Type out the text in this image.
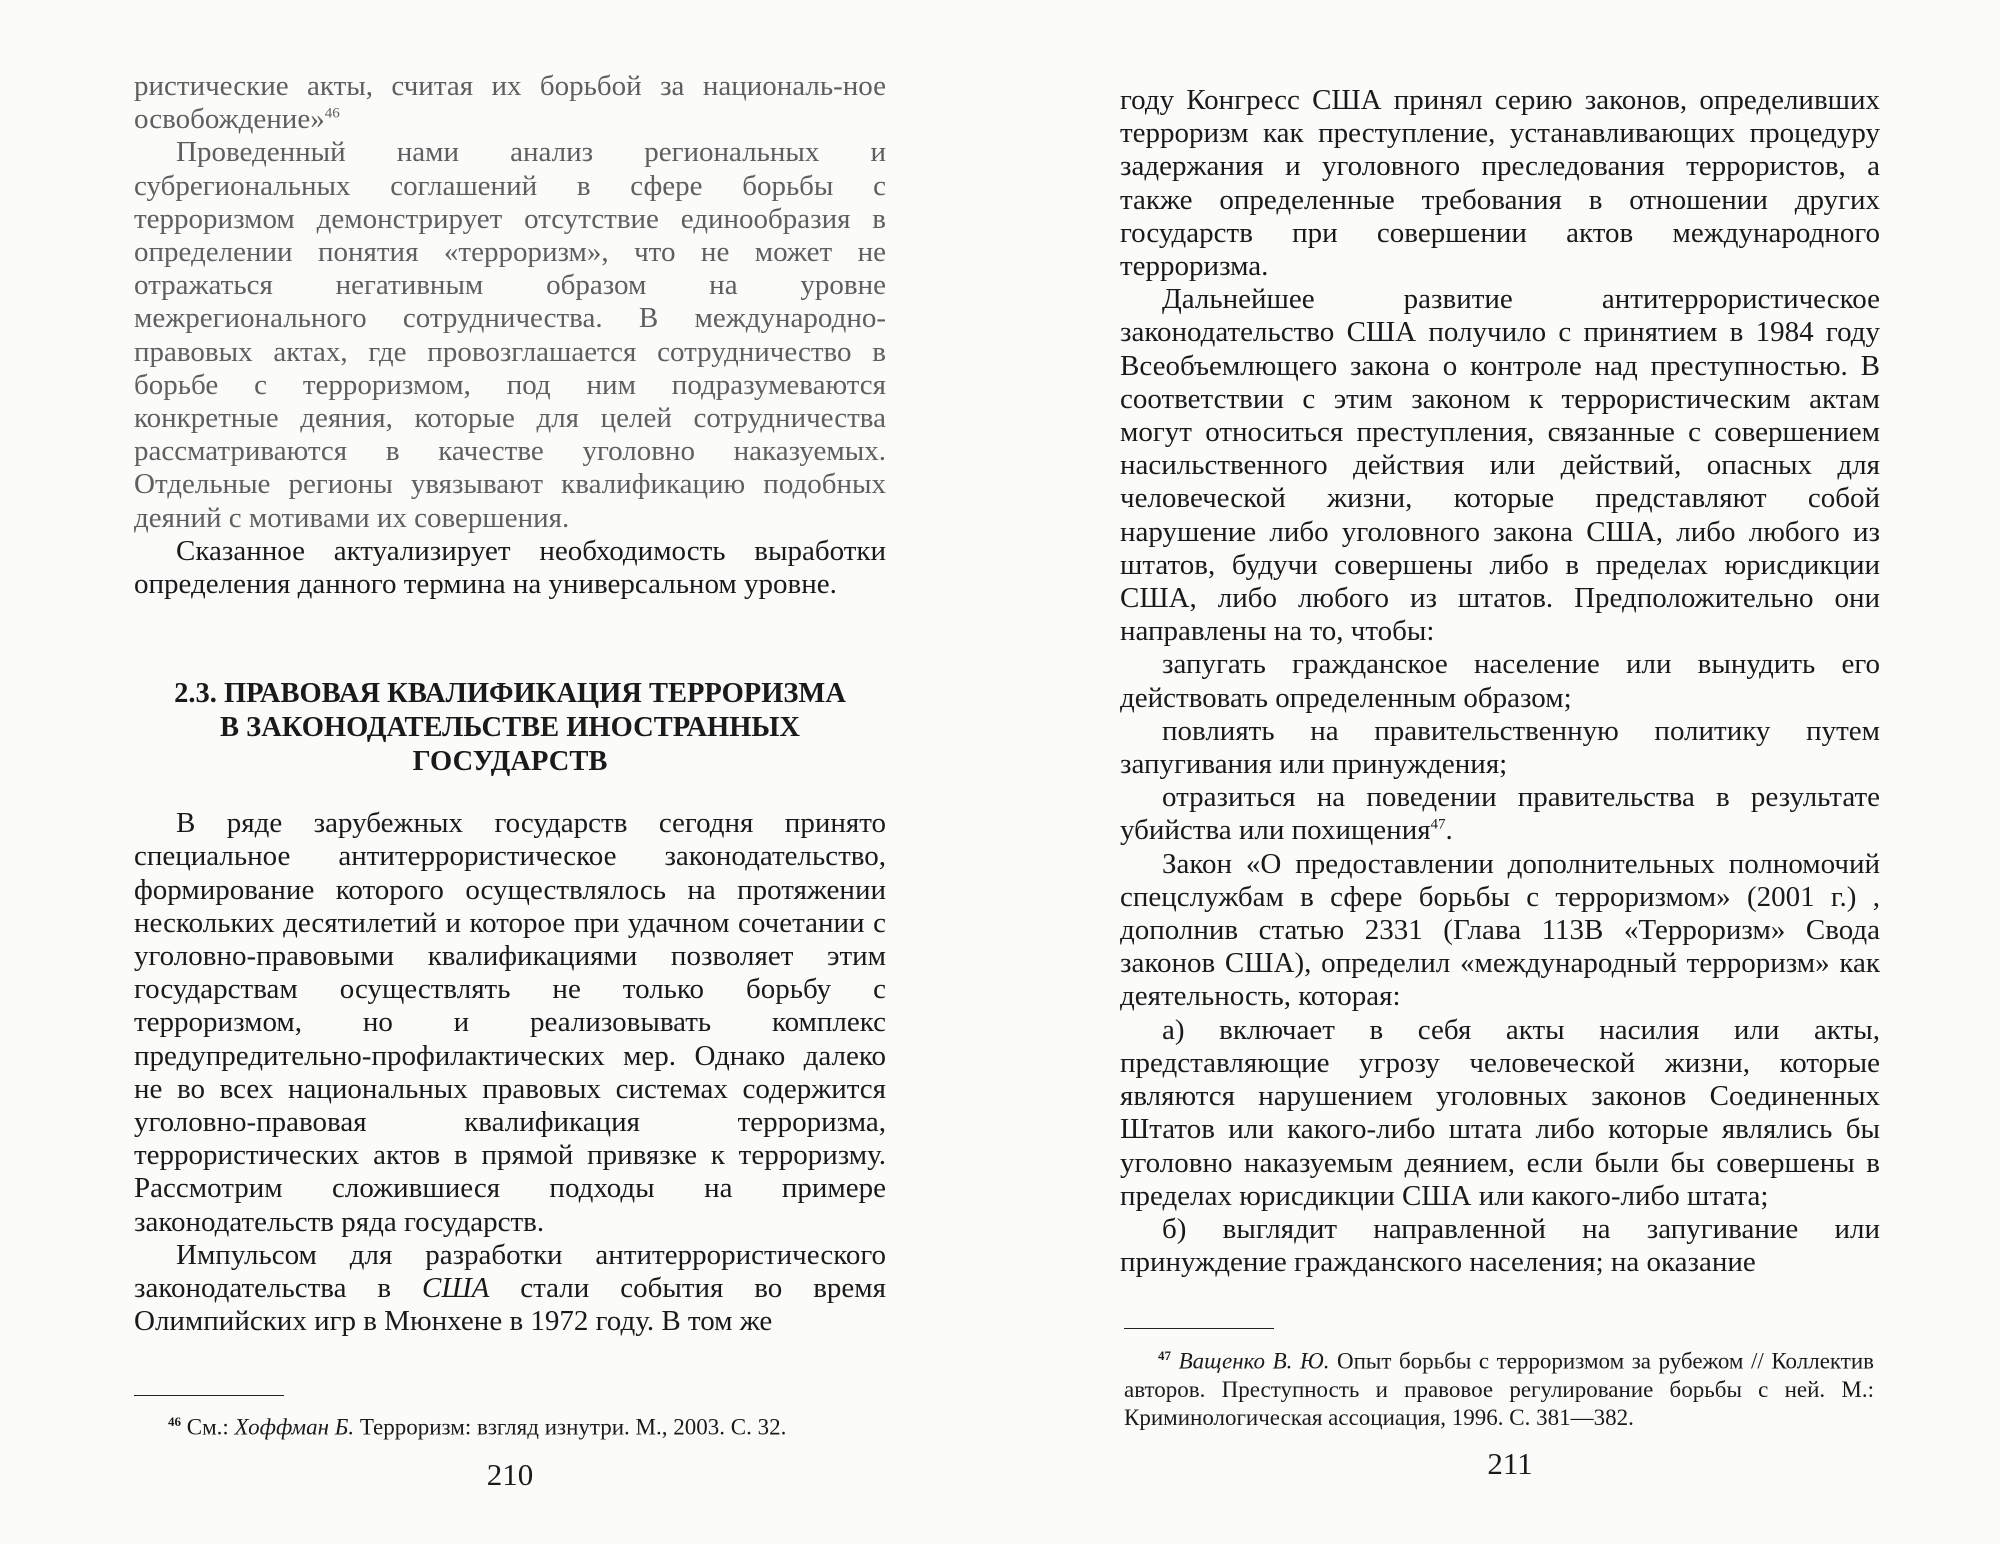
ристические акты, считая их борьбой за националь-ное освобождение»$^{46}$

Проведенный нами анализ региональных и субрегиональных соглашений в сфере борьбы с терроризмом демонстрирует отсутствие единообразия в определении понятия «терроризм», что не может не отражаться негативным образом на уровне межрегионального сотрудничества. В международно-правовых актах, где провозглашается сотрудничество в борьбе с терроризмом, под ним подразумеваются конкретные деяния, которые для целей сотрудничества рассматриваются в качестве уголовно наказуемых. Отдельные регионы увязывают квалификацию подобных деяний с мотивами их совершения.

Сказанное актуализирует необходимость выработки определения данного термина на универсальном уровне.

2.3. ПРАВОВАЯ КВАЛИФИКАЦИЯ ТЕРРОРИЗМА
В ЗАКОНОДАТЕЛЬСТВЕ ИНОСТРАННЫХ
ГОСУДАРСТВ

В ряде зарубежных государств сегодня принято специальное антитеррористическое законодательство, формирование которого осуществлялось на протяжении нескольких десятилетий и которое при удачном сочетании с уголовно-правовыми квалификациями позволяет этим государствам осуществлять не только борьбу с терроризмом, но и реализовывать комплекс предупредительно-профилактических мер. Однако далеко не во всех национальных правовых системах содержится уголовно-правовая квалификация терроризма, террористических актов в прямой привязке к терроризму. Рассмотрим сложившиеся подходы на примере законодательств ряда государств.

Импульсом для разработки антитеррористического законодательства в США стали события во время Олимпийских игр в Мюнхене в 1972 году. В том же

$^{46}$ См.: Хоффман Б. Терроризм: взгляд изнутри. М., 2003. С. 32.

210

году Конгресс США принял серию законов, определивших терроризм как преступление, устанавливающих процедуру задержания и уголовного преследования террористов, а также определенные требования в отношении других государств при совершении актов международного терроризма.

Дальнейшее развитие антитеррористическое законодательство США получило с принятием в 1984 году Всеобъемлющего закона о контроле над преступностью. В соответствии с этим законом к террористическим актам могут относиться преступления, связанные с совершением насильственного действия или действий, опасных для человеческой жизни, которые представляют собой нарушение либо уголовного закона США, либо любого из штатов, будучи совершены либо в пределах юрисдикции США, либо любого из штатов. Предположительно они направлены на то, чтобы:

запугать гражданское население или вынудить его действовать определенным образом;

повлиять на правительственную политику путем запугивания или принуждения;

отразиться на поведении правительства в результате убийства или похищения$^{47}$.

Закон «О предоставлении дополнительных полномочий спецслужбам в сфере борьбы с терроризмом» (2001 г.) , дополнив статью 2331 (Глава 113В «Терроризм» Свода законов США), определил «международный терроризм» как деятельность, которая:

а) включает в себя акты насилия или акты, представляющие угрозу человеческой жизни, которые являются нарушением уголовных законов Соединенных Штатов или какого-либо штата либо которые являлись бы уголовно наказуемым деянием, если были бы совершены в пределах юрисдикции США или какого-либо штата;

б) выглядит направленной на запугивание или принуждение гражданского населения; на оказание

$^{47}$ Ващенко В. Ю. Опыт борьбы с терроризмом за рубежом // Коллектив авторов. Преступность и правовое регулирование борьбы с ней. М.: Криминологическая ассоциация, 1996. С. 381—382.

211
